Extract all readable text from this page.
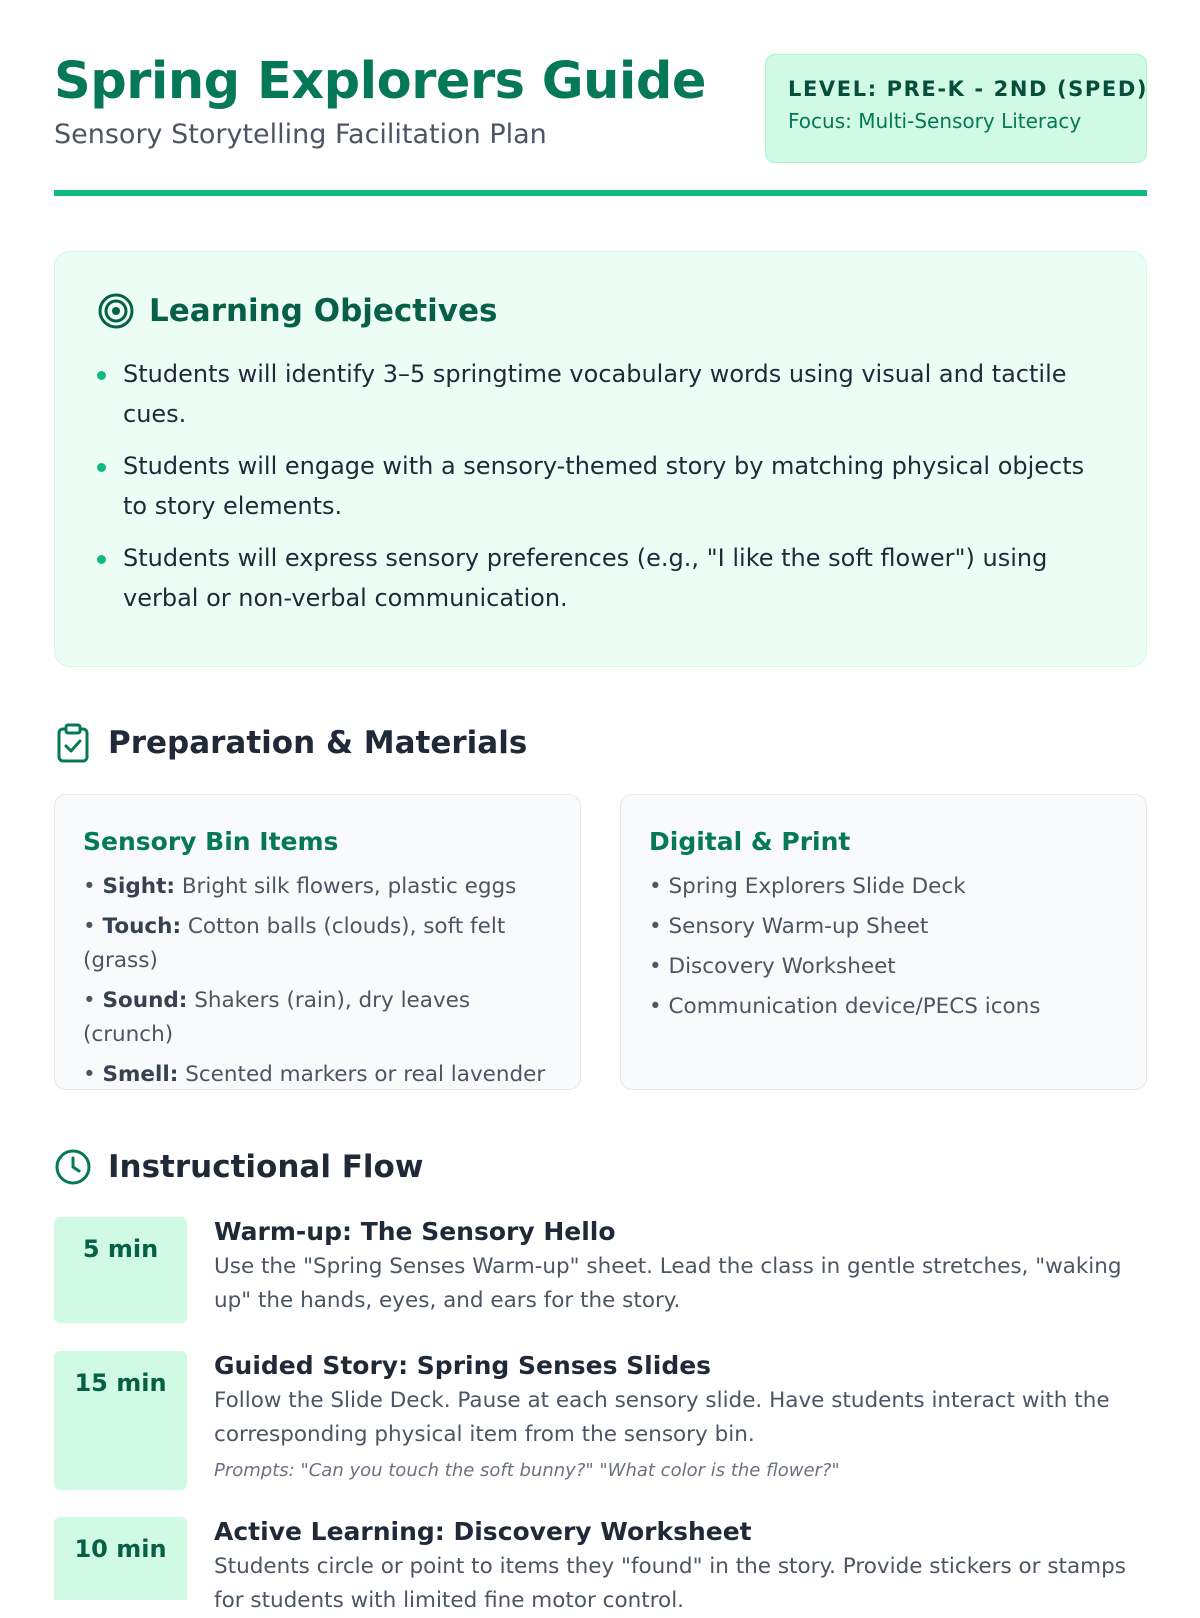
Spring Explorers Guide
Sensory Storytelling Facilitation Plan
LEVEL: PRE-K - 2ND (SPED)
Focus: Multi-Sensory Literacy
Learning Objectives
Students will identify 3–5 springtime vocabulary words using visual and tactile cues.
Students will engage with a sensory-themed story by matching physical objects to story elements.
Students will express sensory preferences (e.g., "I like the soft flower") using verbal or non-verbal communication.
Preparation & Materials
Sensory Bin Items
• Sight: Bright silk flowers, plastic eggs
• Touch: Cotton balls (clouds), soft felt (grass)
• Sound: Shakers (rain), dry leaves (crunch)
• Smell: Scented markers or real lavender
Digital & Print
• Spring Explorers Slide Deck
• Sensory Warm-up Sheet
• Discovery Worksheet
• Communication device/PECS icons
Instructional Flow
5 min
Warm-up: The Sensory Hello
Use the "Spring Senses Warm-up" sheet. Lead the class in gentle stretches, "waking up" the hands, eyes, and ears for the story.
15 min
Guided Story: Spring Senses Slides
Follow the Slide Deck. Pause at each sensory slide. Have students interact with the corresponding physical item from the sensory bin.
Prompts: "Can you touch the soft bunny?" "What color is the flower?"
10 min
Active Learning: Discovery Worksheet
Students circle or point to items they "found" in the story. Provide stickers or stamps for students with limited fine motor control.
